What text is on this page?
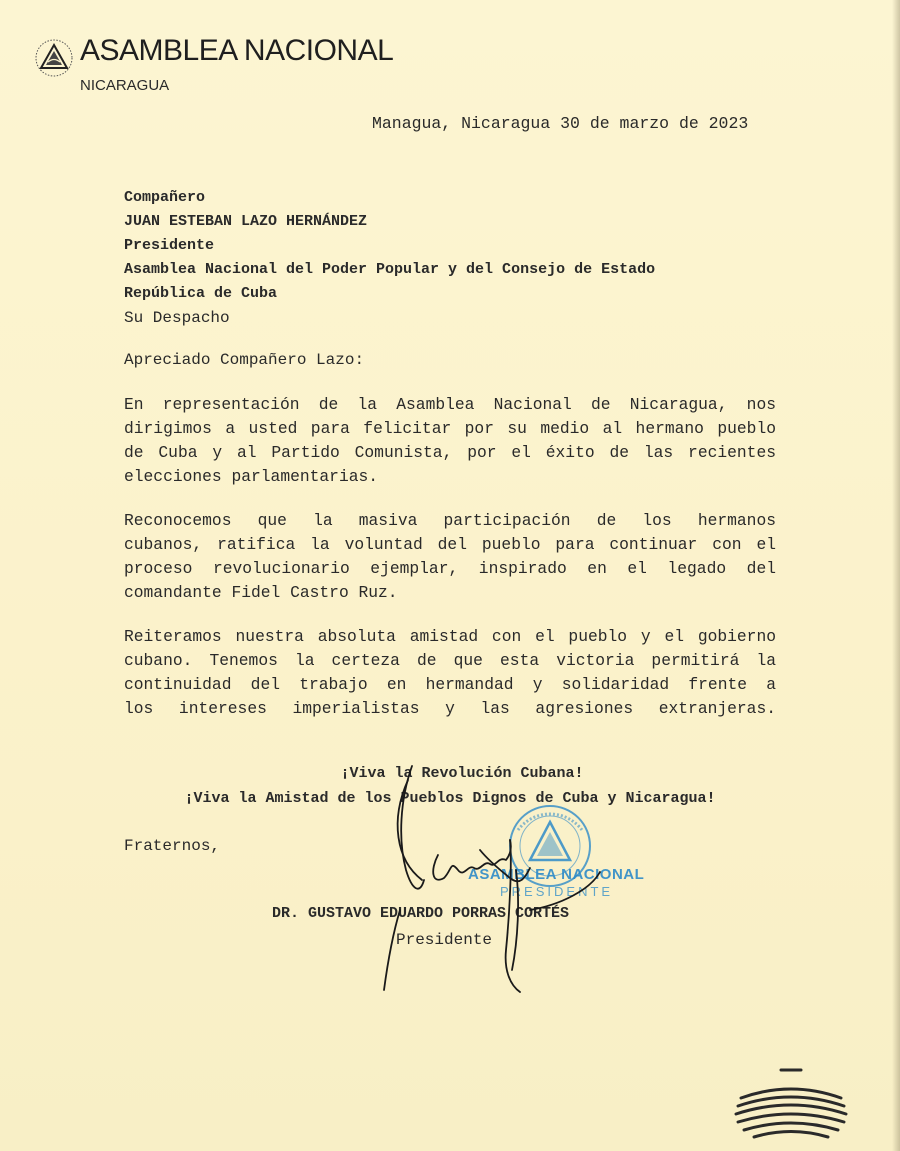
ASAMBLEA NACIONAL
NICARAGUA
Managua, Nicaragua 30 de marzo de 2023
Compañero
JUAN ESTEBAN LAZO HERNÁNDEZ
Presidente
Asamblea Nacional del Poder Popular y del Consejo de Estado
República de Cuba
Su Despacho
Apreciado Compañero Lazo:
En representación de la Asamblea Nacional de Nicaragua, nos
dirigimos a usted para felicitar por su medio al hermano pueblo
de Cuba y al Partido Comunista, por el éxito de las recientes
elecciones parlamentarias.
Reconocemos que la masiva participación de los hermanos
cubanos, ratifica la voluntad del pueblo para continuar con el
proceso revolucionario ejemplar, inspirado en el legado del
comandante Fidel Castro Ruz.
Reiteramos nuestra absoluta amistad con el pueblo y el gobierno
cubano. Tenemos la certeza de que esta victoria permitirá la
continuidad del trabajo en hermandad y solidaridad frente a
los intereses imperialistas y las agresiones extranjeras.
¡Viva la Revolución Cubana!
¡Viva la Amistad de los Pueblos Dignos de Cuba y Nicaragua!
Fraternos,
ASAMBLEA NACIONAL
PRESIDENTE
DR. GUSTAVO EDUARDO PORRAS CORTÉS
Presidente
